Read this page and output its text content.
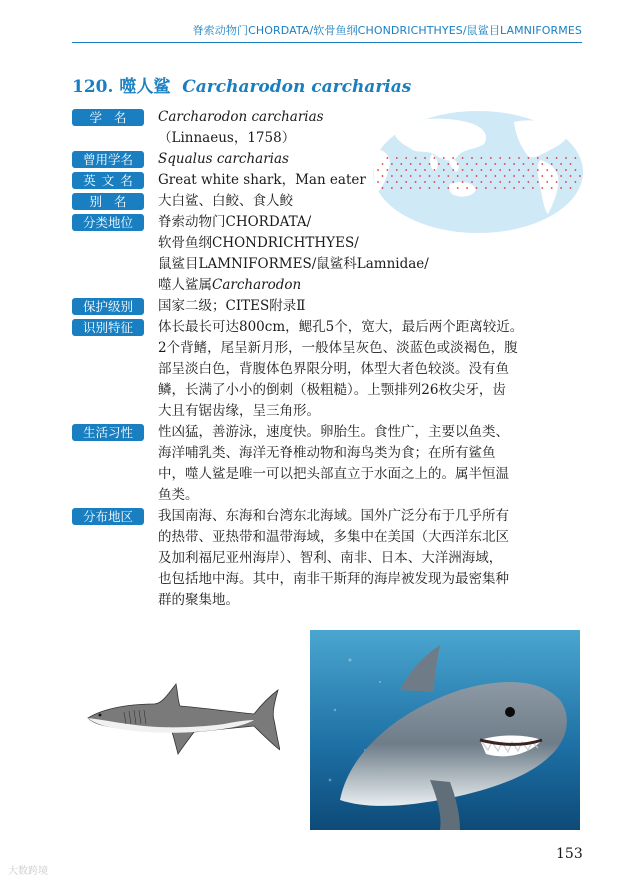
脊索动物门CHORDATA/软骨鱼纲CHONDRICHTHYES/鼠鲨目LAMNIFORMES
120. 噬人鲨 Carcharodon carcharias
学名	Carcharodon carcharias
（Linnaeus，1758）
曾用学名	Squalus carcharias
英文名	Great white shark，Man eater
别名	大白鲨、白鲛、食人鲛
分类地位	脊索动物门CHORDATA/
软骨鱼纲CHONDRICHTHYES/
鼠鲨目LAMNIFORMES/鼠鲨科Lamnidae/
噬人鲨属Carcharodon
保护级别	国家二级；CITES附录Ⅱ
识别特征	体长最长可达800cm，鳃孔5个，宽大，最后两个距离较近。
2个背鳍，尾呈新月形，一般体呈灰色、淡蓝色或淡褐色，腹
部呈淡白色，背腹体色界限分明，体型大者色较淡。没有鱼
鳞，长满了小小的倒刺（极粗糙）。上颚排列26枚尖牙，齿
大且有锯齿缘，呈三角形。
生活习性	性凶猛，善游泳，速度快。卵胎生。食性广，主要以鱼类、
海洋哺乳类、海洋无脊椎动物和海鸟类为食；在所有鲨鱼
中，噬人鲨是唯一可以把头部直立于水面之上的。属半恒温
鱼类。
分布地区	我国南海、东海和台湾东北海域。国外广泛分布于几乎所有
的热带、亚热带和温带海域，多集中在美国（大西洋东北区
及加利福尼亚州海岸）、智利、南非、日本、大洋洲海域，
也包括地中海。其中，南非干斯拜的海岸被发现为最密集种
群的聚集地。
153
大数跨境
